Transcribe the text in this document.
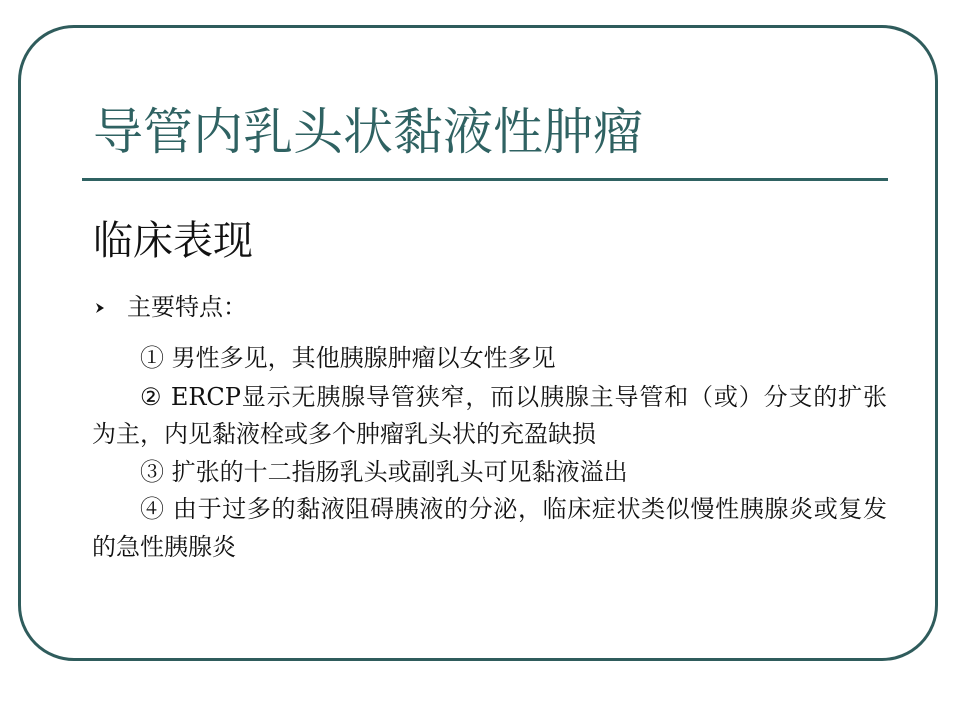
导管内乳头状黏液性肿瘤
临床表现
主要特点：

① 男性多见，其他胰腺肿瘤以女性多见

② ERCP显示无胰腺导管狭窄，而以胰腺主导管和（或）分支的扩张为主，内见黏液栓或多个肿瘤乳头状的充盈缺损

③ 扩张的十二指肠乳头或副乳头可见黏液溢出

④ 由于过多的黏液阻碍胰液的分泌，临床症状类似慢性胰腺炎或复发的急性胰腺炎
